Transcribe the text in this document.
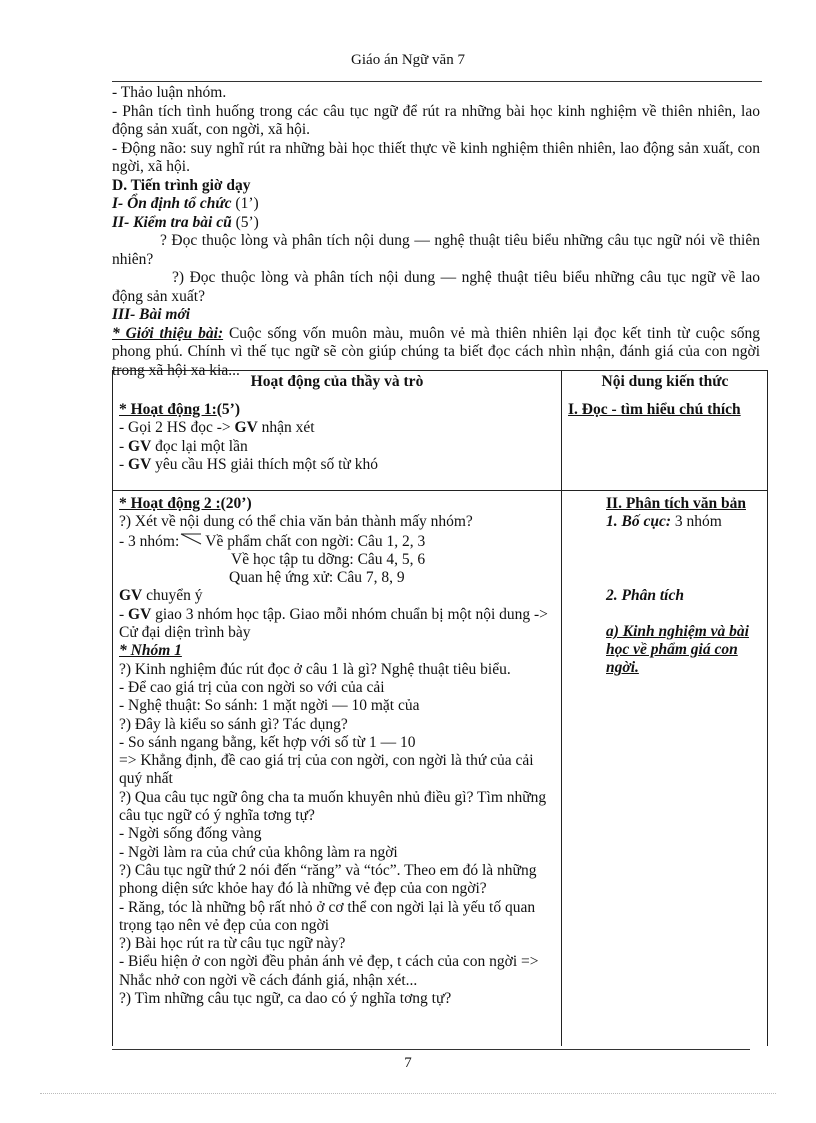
Giáo án Ngữ văn 7

- Thảo luận nhóm.

- Phân tích tình huống trong các câu tục ngữ để rút ra những bài học kinh nghiệm về thiên nhiên, lao động sản xuất, con ngời, xã hội.

- Động não: suy nghĩ rút ra những bài học thiết thực về kinh nghiệm thiên nhiên, lao động sản xuất, con ngời, xã hội.

D. Tiến trình giờ dạy

I- Ổn định tổ chức (1’)

II- Kiểm tra bài cũ (5’)

? Đọc thuộc lòng và phân tích nội dung — nghệ thuật tiêu biểu những câu tục ngữ nói về thiên nhiên?

?) Đọc thuộc lòng và phân tích nội dung — nghệ thuật tiêu biểu những câu tục ngữ về lao động sản xuất?

III- Bài mới

* Giới thiệu bài: Cuộc sống vốn muôn màu, muôn vẻ mà thiên nhiên lại đọc kết tinh từ cuộc sống phong phú. Chính vì thế tục ngữ sẽ còn giúp chúng ta biết đọc cách nhìn nhận, đánh giá của con ngời trong xã hội xa kia...

Hoạt động của thầy và trò	Nội dung kiến thức

* Hoạt động 1:(5’)

- Gọi 2 HS đọc -> GV nhận xét

- GV đọc lại một lần

- GV yêu cầu HS giải thích một số từ khó

I. Đọc - tìm hiểu chú thích

* Hoạt động 2 :(20’)

?) Xét về nội dung có thể chia văn bản thành mấy nhóm?

- 3 nhóm: Về phẩm chất con ngời: Câu 1, 2, 3

Về học tập tu dỡng: Câu 4, 5, 6

Quan hệ ứng xử: Câu 7, 8, 9

GV chuyển ý

- GV giao 3 nhóm học tập. Giao mỗi nhóm chuẩn bị một nội dung -> Cử đại diện trình bày

* Nhóm 1

?) Kinh nghiệm đúc rút đọc ở câu 1 là gì? Nghệ thuật tiêu biểu.

- Để cao giá trị của con ngời so với của cải

- Nghệ thuật: So sánh: 1 mặt ngời — 10 mặt của

?) Đây là kiểu so sánh gì? Tác dụng?

- So sánh ngang bằng, kết hợp với số từ 1 — 10

=> Khẳng định, đề cao giá trị của con ngời, con ngời là thứ của cải quý nhất

?) Qua câu tục ngữ ông cha ta muốn khuyên nhủ điều gì? Tìm những câu tục ngữ có ý nghĩa tơng tự?

- Ngời sống đống vàng

- Ngời làm ra của chứ của không làm ra ngời

?) Câu tục ngữ thứ 2 nói đến “răng” và “tóc”. Theo em đó là những phong diện sức khỏe hay đó là những vẻ đẹp của con ngời?

- Răng, tóc là những bộ rất nhỏ ở cơ thể con ngời lại là yếu tố quan trọng tạo nên vẻ đẹp của con ngời

?) Bài học rút ra từ câu tục ngữ này?

- Biểu hiện ở con ngời đều phản ánh vẻ đẹp, t cách của con ngời => Nhắc nhở con ngời về cách đánh giá, nhận xét...

?) Tìm những câu tục ngữ, ca dao có ý nghĩa tơng tự?

II. Phân tích văn bản

1. Bố cục: 3 nhóm

2. Phân tích

a) Kinh nghiệm và bài học về phẩm giá con ngời.

7
